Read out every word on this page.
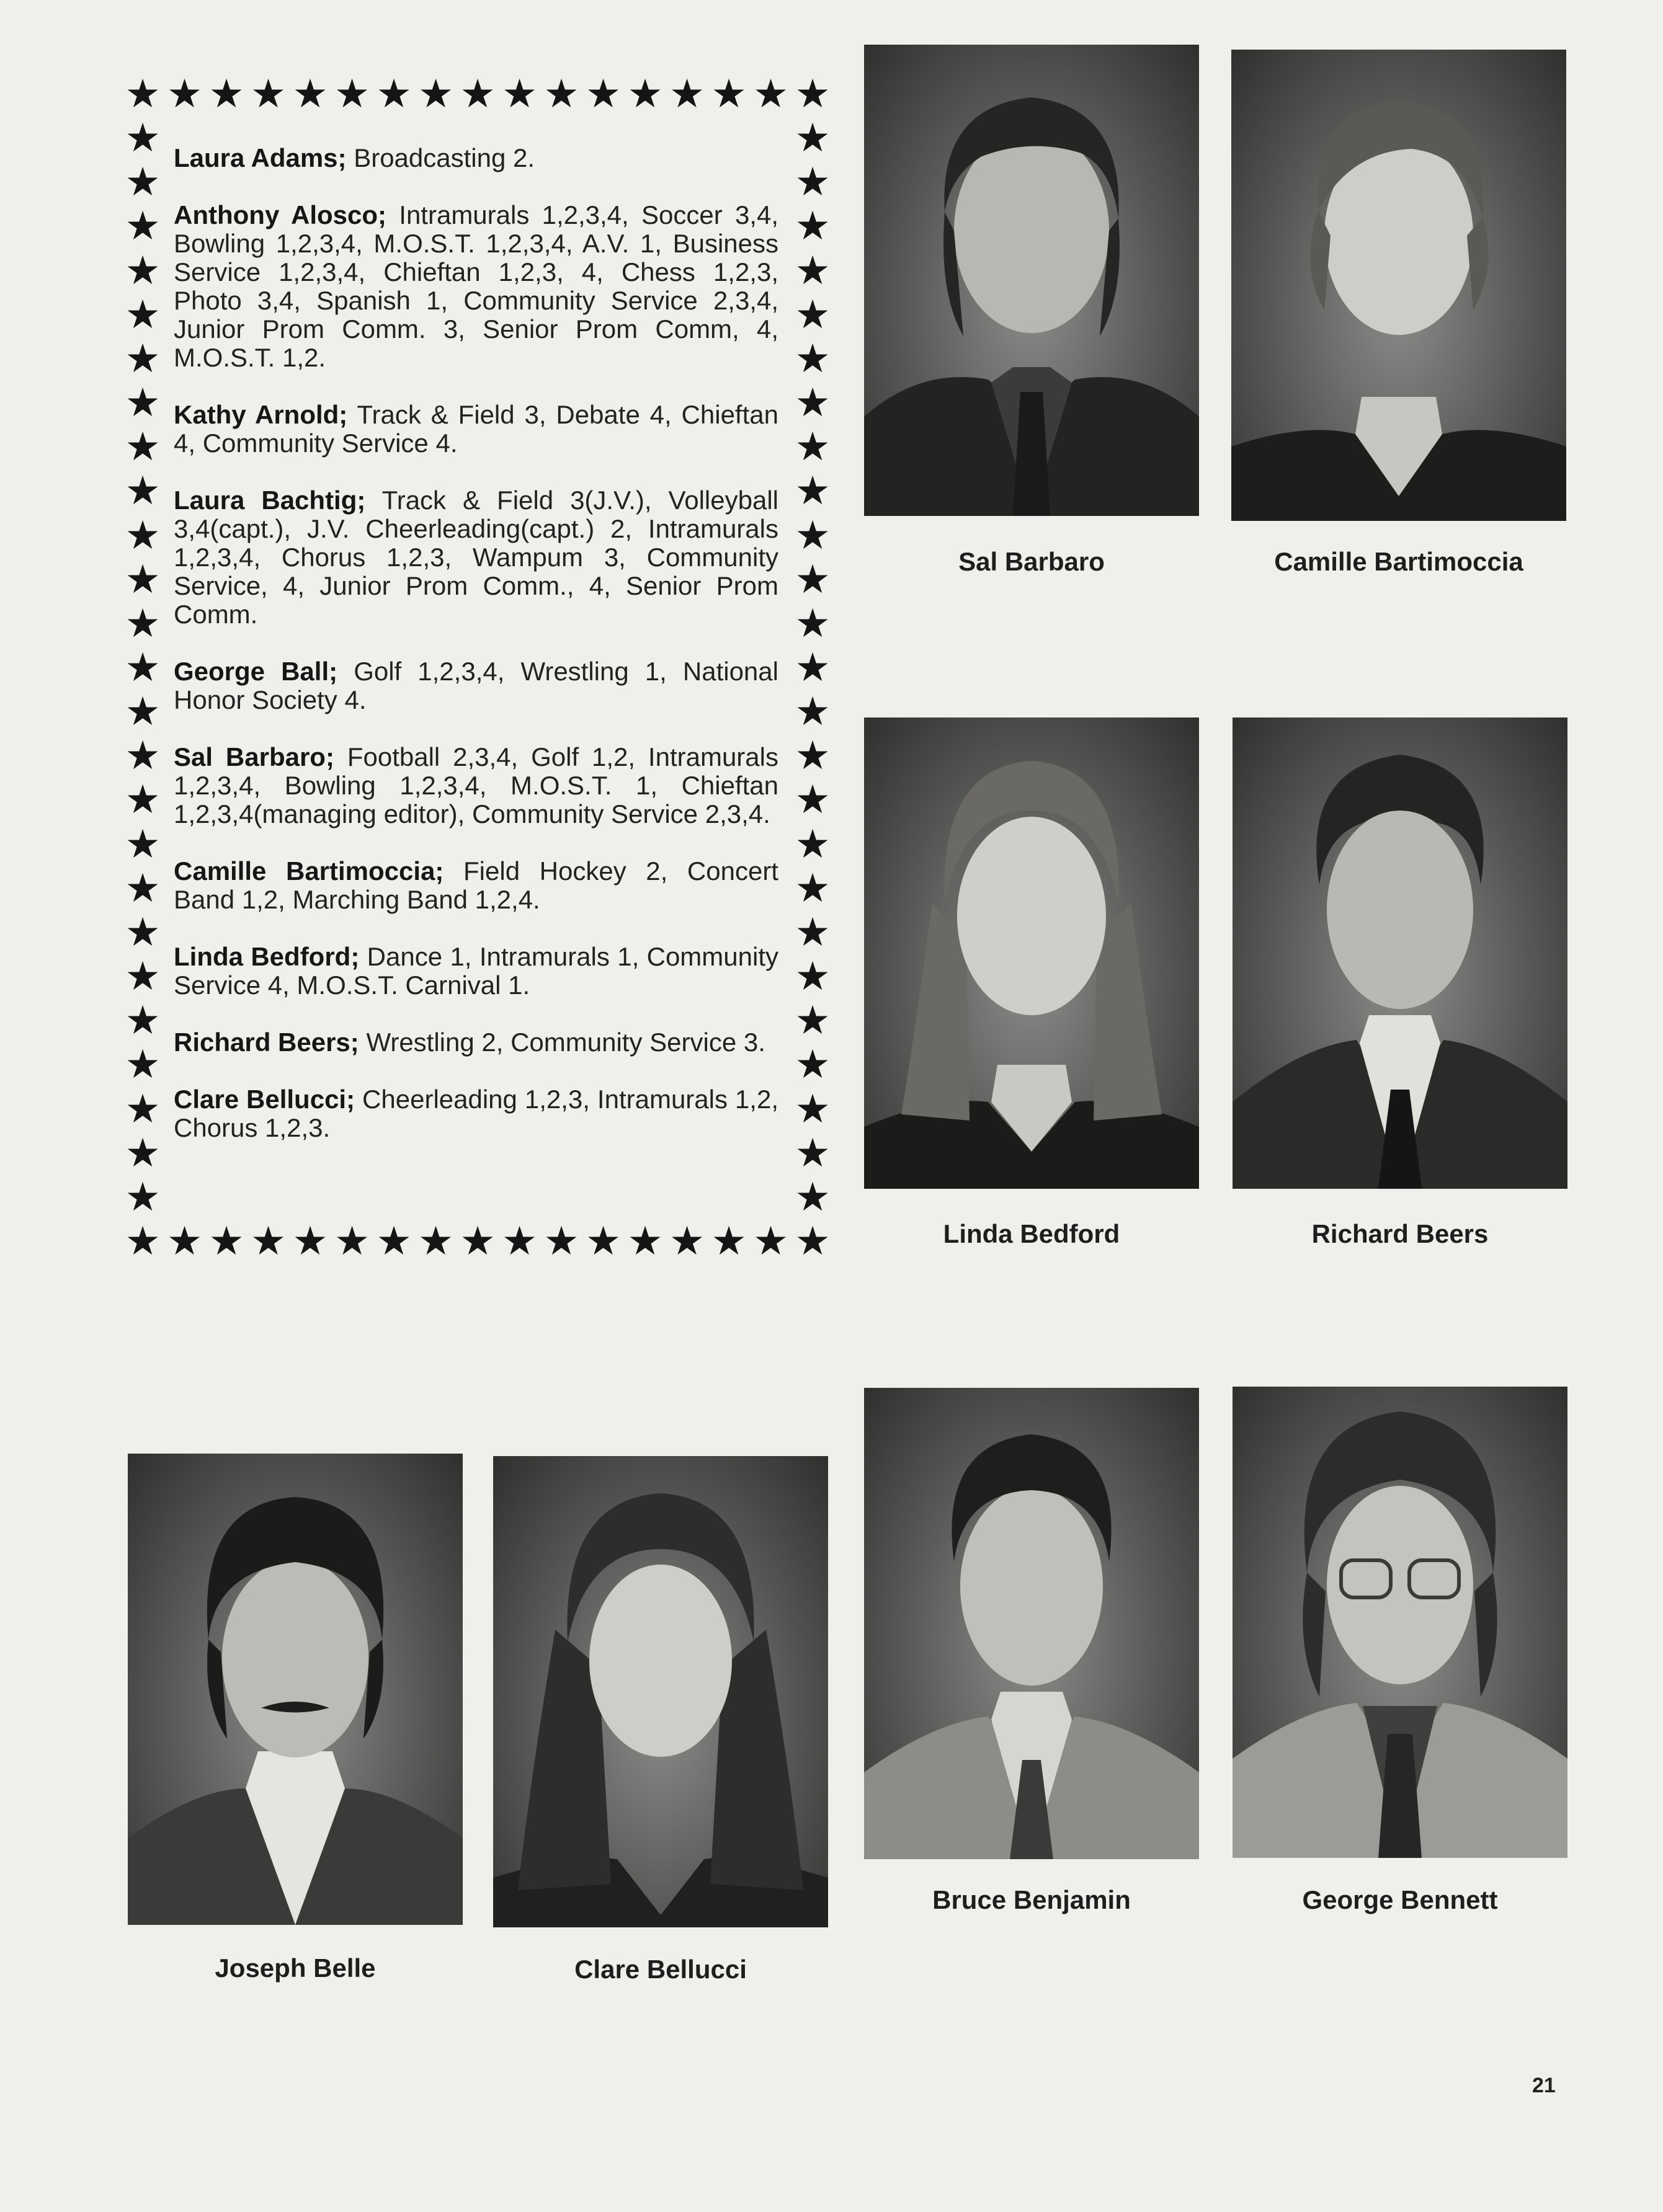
★
★
★
★
★
★
★
★
★
★
★
★
★
★
★
★
★
★
★
★
★
★
★
★
★
★
★
★
★
★
★
★
★
★
★	★
★	★
★	★
★	★
★	★
★	★
★	★
★	★
★	★
★	★
★	★
★	★
★	★
★	★
★	★
★	★
★	★
★	★
★	★
★	★
★	★
★	★
★	★
★	★
★	★

Laura Adams; Broadcasting 2.

Anthony Alosco; Intramurals 1,2,3,4, Soccer 3,4, Bowling 1,2,3,4, M.O.S.T. 1,2,3,4, A.V. 1, Business Service 1,2,3,4, Chieftan 1,2,3, 4, Chess 1,2,3, Photo 3,4, Spanish 1, Community Service 2,3,4, Junior Prom Comm. 3, Senior Prom Comm, 4, M.O.S.T. 1,2.

Kathy Arnold; Track & Field 3, Debate 4, Chieftan 4, Community Service 4.

Laura Bachtig; Track & Field 3(J.V.), Volleyball 3,4(capt.), J.V. Cheerleading(capt.) 2, Intramurals 1,2,3,4, Chorus 1,2,3, Wampum 3, Community Service, 4, Junior Prom Comm., 4, Senior Prom Comm.

George Ball; Golf 1,2,3,4, Wrestling 1, National Honor Society 4.

Sal Barbaro; Football 2,3,4, Golf 1,2, Intramurals 1,2,3,4, Bowling 1,2,3,4, M.O.S.T. 1, Chieftan 1,2,3,4(managing editor), Community Service 2,3,4.

Camille Bartimoccia; Field Hockey 2, Concert Band 1,2, Marching Band 1,2,4.

Linda Bedford; Dance 1, Intramurals 1, Community Service 4, M.O.S.T. Carnival 1.

Richard Beers; Wrestling 2, Community Service 3.

Clare Bellucci; Cheerleading 1,2,3, Intramurals 1,2, Chorus 1,2,3.

Sal Barbaro	Camille Bartimoccia
Linda Bedford	Richard Beers
Bruce Benjamin	George Bennett
Joseph Belle	Clare Bellucci
21
